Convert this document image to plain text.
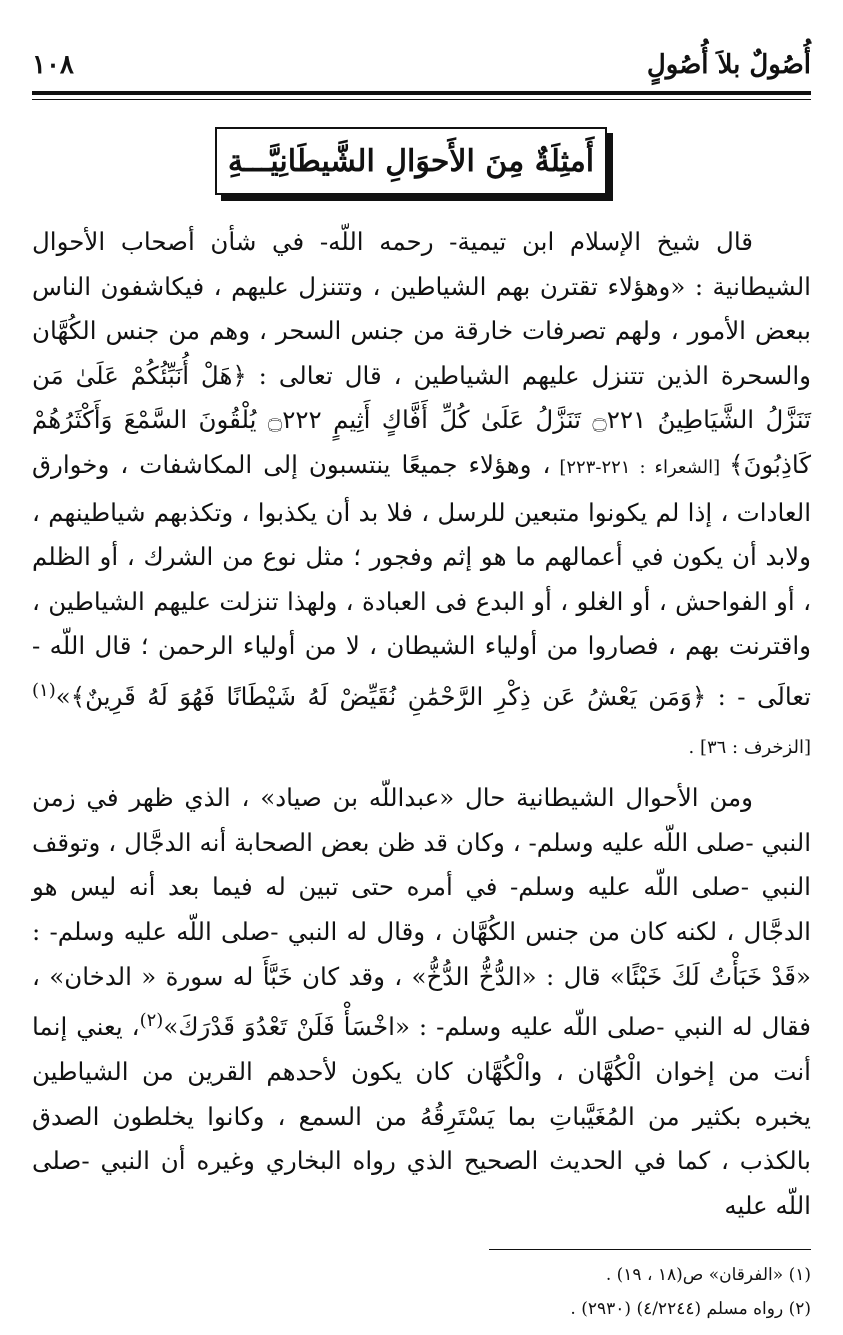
أُصُولٌ بلاَ أُصُولٍ
١٠٨
أَمثِلَةٌ مِنَ الأَحوَالِ الشَّيطَانِيَّـــةِ

قال شيخ الإسلام ابن تيمية- رحمه اللّه- في شأن أصحاب الأحوال الشيطانية : «وهؤلاء تقترن بهم الشياطين ، وتتنزل عليهم ، فيكاشفون الناس ببعض الأمور ، ولهم تصرفات خارقة من جنس السحر ، وهم من جنس الكُهَّان والسحرة الذين تتنزل عليهم الشياطين ، قال تعالى : ﴿هَلْ أُنَبِّئُكُمْ عَلَىٰ مَن تَنَزَّلُ الشَّيَاطِينُ ۝٢٢١ تَنَزَّلُ عَلَىٰ كُلِّ أَفَّاكٍ أَثِيمٍ ۝٢٢٢ يُلْقُونَ السَّمْعَ وَأَكْثَرُهُمْ كَاذِبُونَ﴾ [الشعراء : ٢٢١-٢٢٣] ، وهؤلاء جميعًا ينتسبون إلى المكاشفات ، وخوارق العادات ، إذا لم يكونوا متبعين للرسل ، فلا بد أن يكذبوا ، وتكذبهم شياطينهم ، ولابد أن يكون في أعمالهم ما هو إثم وفجور ؛ مثل نوع من الشرك ، أو الظلم ، أو الفواحش ، أو الغلو ، أو البدع فى العبادة ، ولهذا تنزلت عليهم الشياطين ، واقترنت بهم ، فصاروا من أولياء الشيطان ، لا من أولياء الرحمن ؛ قال اللّه - تعالَى - : ﴿وَمَن يَعْشُ عَن ذِكْرِ الرَّحْمَٰنِ نُقَيِّضْ لَهُ شَيْطَانًا فَهُوَ لَهُ قَرِينٌ﴾»$^{(١)}$ [الزخرف : ٣٦] .

ومن الأحوال الشيطانية حال «عبداللّه بن صياد» ، الذي ظهر في زمن النبي -صلى اللّه عليه وسلم- ، وكان قد ظن بعض الصحابة أنه الدجَّال ، وتوقف النبي -صلى اللّه عليه وسلم- في أمره حتى تبين له فيما بعد أنه ليس هو الدجَّال ، لكنه كان من جنس الكُهَّان ، وقال له النبي -صلى اللّه عليه وسلم- : «قَدْ خَبَأْتُ لَكَ خَبْئًا» قال : «الدُّخُّ الدُّخُّ» ، وقد كان خَبَّأَ له سورة « الدخان» ، فقال له النبي -صلى اللّه عليه وسلم- : «اخْسَأْ فَلَنْ تَعْدُوَ قَدْرَكَ»$^{(٢)}$، يعني إنما أنت من إخوان الْكُهَّان ، والْكُهَّان كان يكون لأحدهم القرين من الشياطين يخبره بكثير من المُغَيَّباتِ بما يَسْتَرِقُهُ من السمع ، وكانوا يخلطون الصدق بالكذب ، كما في الحديث الصحيح الذي رواه البخاري وغيره أن النبي -صلى اللّه عليه

(١) «الفرقان» ص(١٨ ، ١٩) .
(٢) رواه مسلم (٤/٢٢٤٤) (٢٩٣٠) .
